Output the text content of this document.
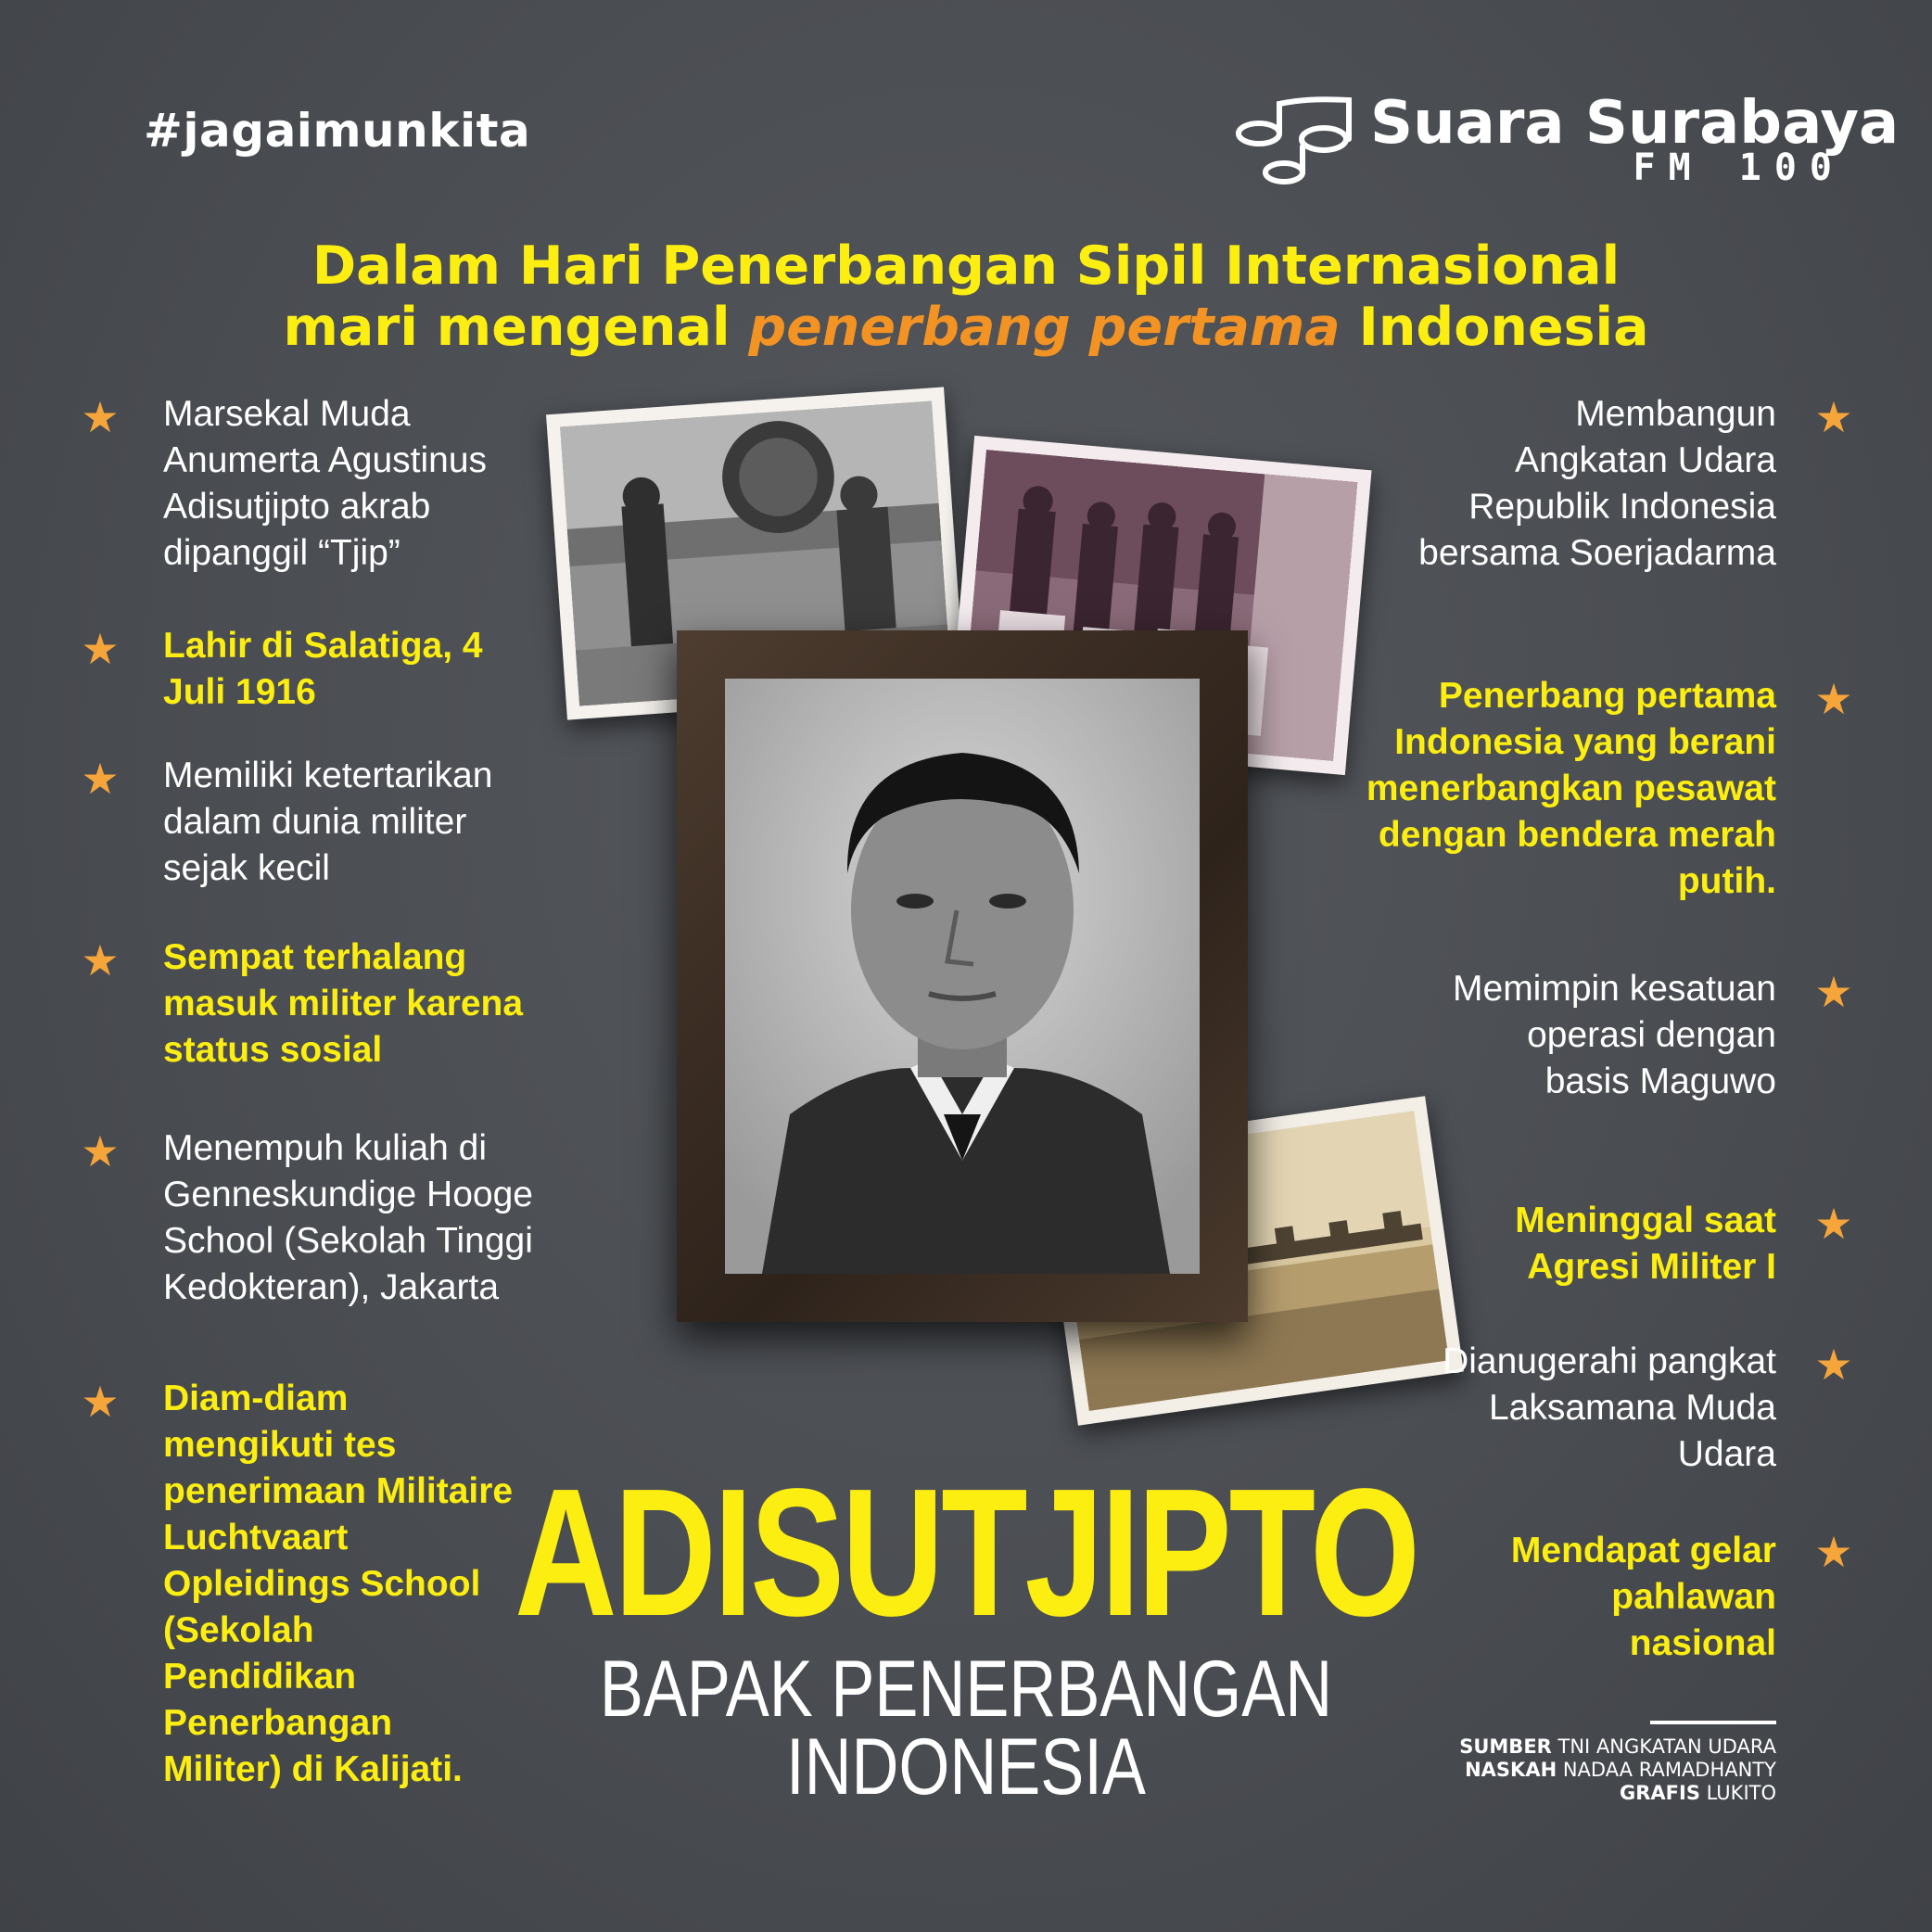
#jagaimunkita	Suara Surabaya
FM 100
Dalam Hari Penerbangan Sipil Internasional
mari mengenal penerbang pertama Indonesia
★ Marsekal Muda Anumerta Agustinus Adisutjipto akrab dipanggil “Tjip”
★ Lahir di Salatiga, 4 Juli 1916
★ Memiliki ketertarikan dalam dunia militer sejak kecil
★ Sempat terhalang masuk militer karena status sosial
★ Menempuh kuliah di Genneskundige Hooge School (Sekolah Tinggi Kedokteran), Jakarta
★ Diam-diam mengikuti tes penerimaan Militaire Luchtvaart Opleidings School (Sekolah Pendidikan Penerbangan Militer) di Kalijati.
Membangun Angkatan Udara Republik Indonesia bersama Soerjadarma
★
Penerbang pertama Indonesia yang berani menerbangkan pesawat dengan bendera merah putih.
★
Memimpin kesatuan operasi dengan basis Maguwo
★
Meninggal saat Agresi Militer I
★
Dianugerahi pangkat Laksamana Muda Udara
★
Mendapat gelar pahlawan nasional
★
ADISUTJIPTO
BAPAK PENERBANGAN
INDONESIA	SUMBER TNI ANGKATAN UDARA
NASKAH NADAA RAMADHANTY
GRAFIS LUKITO
